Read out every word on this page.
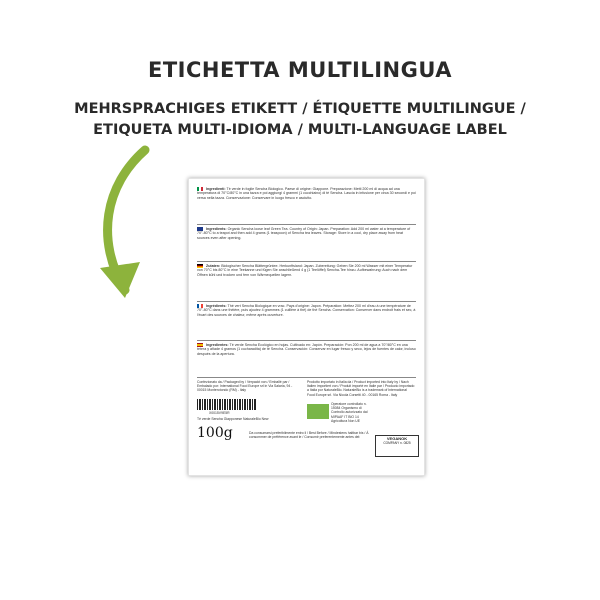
ETICHETTA MULTILINGUA
MEHRSPRACHIGES ETIKETT / ÉTIQUETTE MULTILINGUE /
ETIQUETA MULTI-IDIOMA / MULTI-LANGUAGE LABEL
Ingredienti: Tè verde in foglie Sencha Biologico. Paese di origine: Giappone. Preparazione: Metti 200 ml di acqua ad una temperatura di 70°C/80°C in una tazza e poi aggiungi 4 grammi (1 cucchiaino) di tè Sencha. Lascia in infusione per circa 30 secondi e poi versa nella tazza. Conservazione: Conservare in luogo fresco e asciutto.
Ingredients: Organic Sencha loose leaf Green Tea. Country of Origin: Japan. Preparation: Add 200 ml water at a temperature of 70°-80°C to a teapot and then add 4 grams (1 teaspoon) of Sencha tea leaves. Storage: Store in a cool, dry place away from heat sources even after opening.
Zutaten: Biologischer Sencha Blättergrüntee. Herkunftsland: Japan. Zubereitung: Geben Sie 200 ml Wasser mit einer Temperatur von 70°C bis 80°C in eine Teekanne und fügen Sie anschließend 4 g (1 Teelöffel) Sencha-Tee hinzu. Aufbewahrung: Auch nach dem Öffnen kühl und trocken und fern von Wärmequellen lagern.
Ingrédients: Thé vert Sencha Biologique en vrac. Pays d'origine: Japon. Préparation: Mettez 200 ml d'eau à une température de 70°-80°C dans une théière, puis ajoutez 4 grammes (1 cuillère à thé) de thé Sencha. Conservation: Conserver dans endroit frais et sec, à l'écart des sources de chaleur, même après ouverture.
Ingredientes: Té verde Sencha Ecológico en hojas. Cultivado en: Japón. Preparación: Pon 200 ml de agua a 70°/80°C en una tetera y añade 4 gramos (1 cucharadita) de té Sencha. Conservación: Conservar en lugar fresco y seco, lejos de fuentes de calor, incluso después de la apertura.
Confezionato da / Packaged by / Verpackt von / Emballé par / Embalado por: International Food Europe srl in Via Salaria, 94 - 00015 Monterotondo (RM) - Italy
Prodotto importato in Italia da / Product imported into Italy by / Nach Italien importiert von / Produit importé en Italie par / Producto importado a Italia por NaturaleBio. NaturaleBio is a trademark of International Food Europe srl. Via Nicola Corsetti 40 - 00165 Roma - Italy
X0015V9E5R
Tè verde Sencha Giapponese NaturaleBio New
100g
Operatore controllato n. 15084 Organismo di Controllo autorizzato dal MIPAAF IT BIO 14 Agricoltura Non UE
Da consumarsi preferibilmente entro il / Best Before / Mindestens haltbar bis / À consommer de préférence avant le / Consumir preferentemente antes del:	VEGANOK
COMPANY n. 0825
